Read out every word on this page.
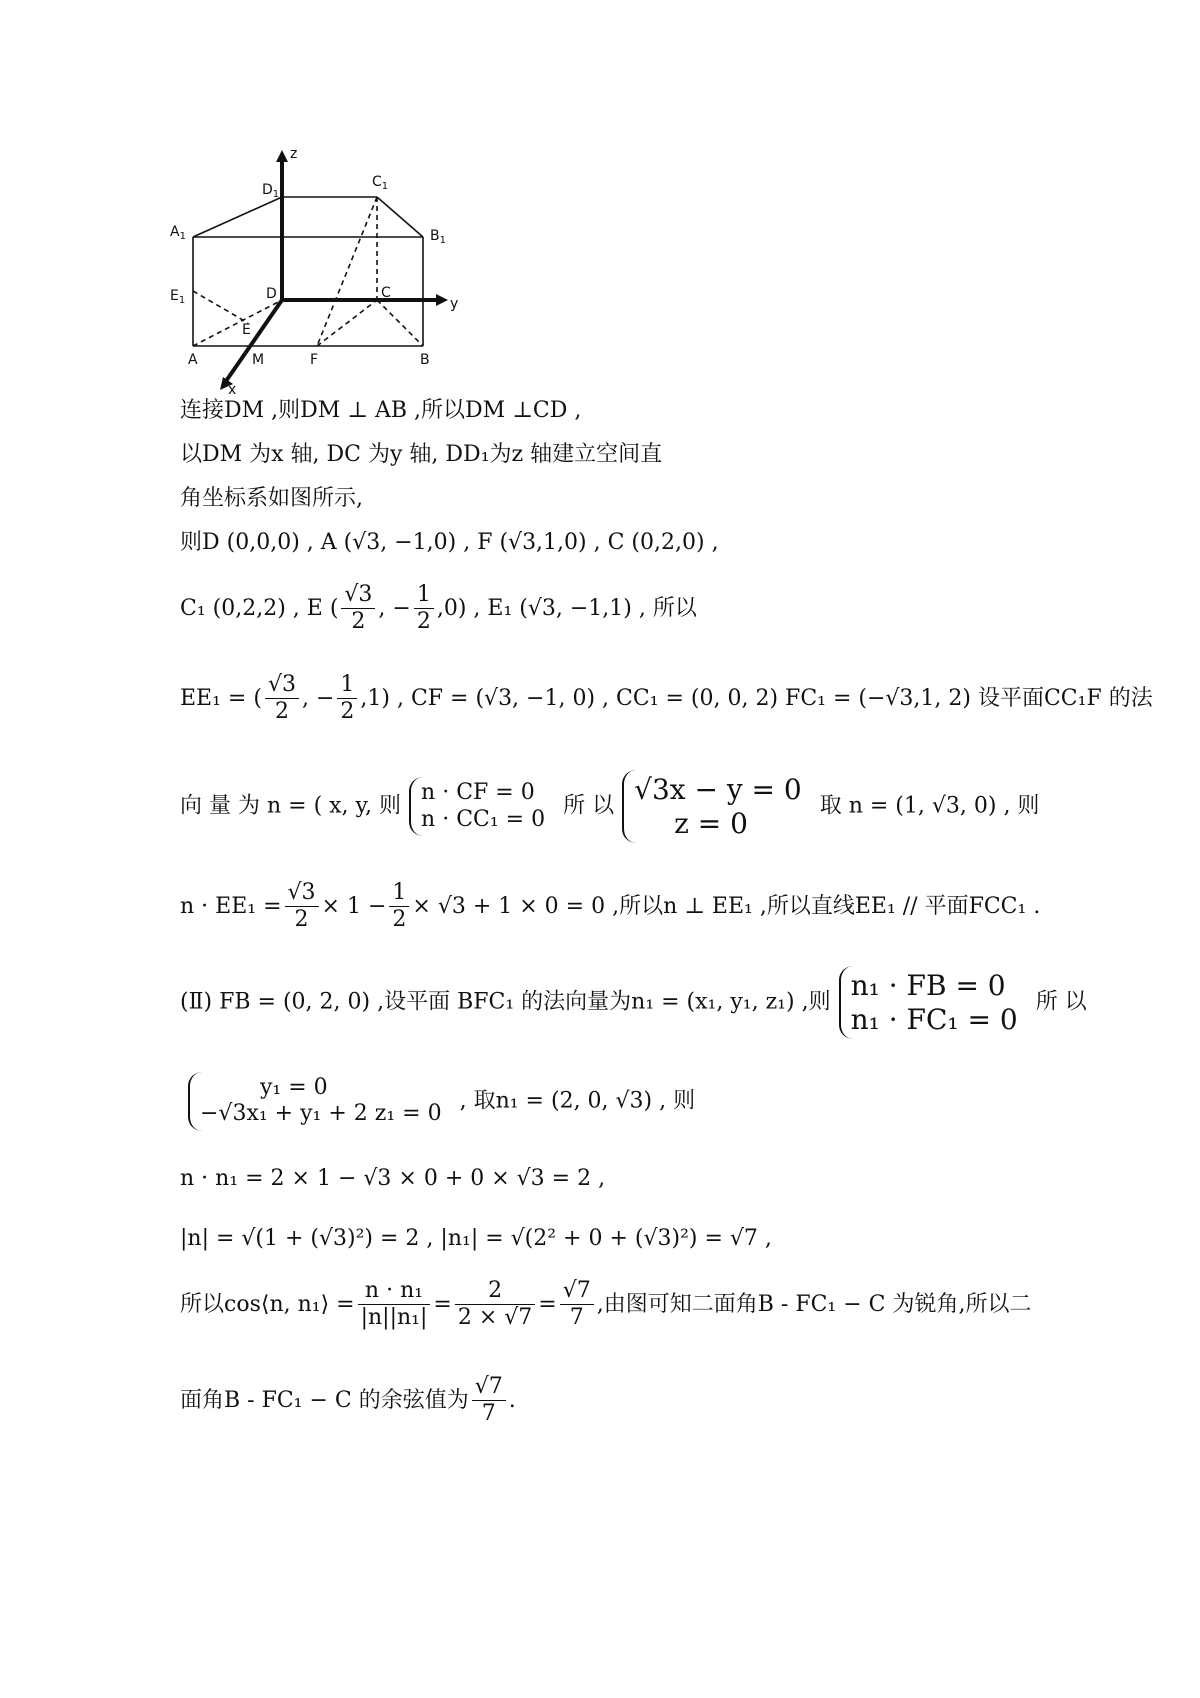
z
y
x
$D_1$
$C_1$
$A_1$	$B_1$
$E_1$	D	C
E
A	M	F	B
连接DM ,则DM ⊥ AB ,所以DM ⊥CD ,
以DM 为x 轴, DC 为y 轴, DD₁为z 轴建立空间直
角坐标系如图所示,
则D (0,0,0) , A (√3, −1,0) , F (√3,1,0) , C (0,2,0) ,
C₁ (0,2,2) , E ( $\frac{√3}{2}$ , − $\frac{1}{2} ,0$) , E₁ (√3, −1,1) , 所以
EE₁ = ( $\frac{√3}{2}$ , − $\frac{1}{2} ,1$) , CF = (√3, −1, 0) , CC₁ = (0, 0, 2) FC₁ = (−√3,1, 2) 设平面CC₁F 的法
向 量 为 n = ( x, y, 则
n · CF = 0
n · CC₁ = 0
所 以
√3x − y = 0
z = 0
取 n = (1, √3, 0) , 则
$n \cdot EE_1 = \frac{√3}{2} \times 1 - \frac{1}{2} \times √3 + 1 \times 0 = 0$ ,所以n ⊥ EE₁ ,所以直线EE₁ // 平面FCC₁ .
(Ⅱ) FB = (0, 2, 0) ,设平面 BFC₁ 的法向量为n₁ = (x₁, y₁, z₁) ,则
n₁ · FB = 0
n₁ · FC₁ = 0
所 以
y₁ = 0
−√3x₁ + y₁ + 2 z₁ = 0
, 取n₁ = (2, 0, √3) , 则
n · n₁ = 2 × 1 − √3 × 0 + 0 × √3 = 2 ,
|n| = √(1 + (√3)²) = 2 , |n₁| = √(2² + 0 + (√3)²) = √7 ,
所以cos⟨n, n₁⟩ = $\frac{\text{n · n₁}}{\text{|n||n₁|}} = \frac{2}{2 \times √7} = \frac{√7}{7}$ ,由图可知二面角B - FC₁ − C 为锐角,所以二
面角B - FC₁ − C 的余弦值为 $\frac{√7}{7}$ .
